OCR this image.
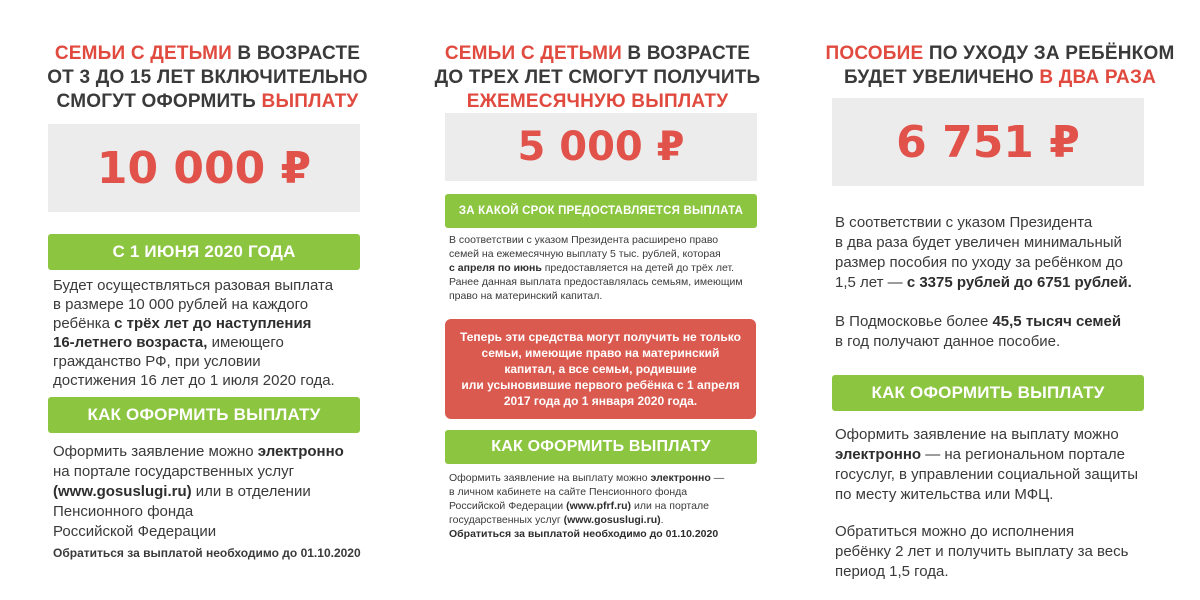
СЕМЬИ С ДЕТЬМИ В ВОЗРАСТЕ
ОТ 3 ДО 15 ЛЕТ ВКЛЮЧИТЕЛЬНО
СМОГУТ ОФОРМИТЬ ВЫПЛАТУ
10 000 ₽
С 1 ИЮНЯ 2020 ГОДА
Будет осуществляться разовая выплата
в размере 10 000 рублей на каждого
ребёнка с трёх лет до наступления
16-летнего возраста, имеющего
гражданство РФ, при условии
достижения 16 лет до 1 июля 2020 года.
КАК ОФОРМИТЬ ВЫПЛАТУ
Оформить заявление можно электронно
на портале государственных услуг
(www.gosuslugi.ru) или в отделении
Пенсионного фонда
Российской Федерации
Обратиться за выплатой необходимо до 01.10.2020
СЕМЬИ С ДЕТЬМИ В ВОЗРАСТЕ
ДО ТРЕХ ЛЕТ СМОГУТ ПОЛУЧИТЬ
ЕЖЕМЕСЯЧНУЮ ВЫПЛАТУ
5 000 ₽
ЗА КАКОЙ СРОК ПРЕДОСТАВЛЯЕТСЯ ВЫПЛАТА
В соответствии с указом Президента расширено право
семей на ежемесячную выплату 5 тыс. рублей, которая
с апреля по июнь предоставляется на детей до трёх лет.
Ранее данная выплата предоставлялась семьям, имеющим
право на материнский капитал.
Теперь эти средства могут получить не только
семьи, имеющие право на материнский
капитал, а все семьи, родившие
или усыновившие первого ребёнка с 1 апреля
2017 года до 1 января 2020 года.
КАК ОФОРМИТЬ ВЫПЛАТУ
Оформить заявление на выплату можно электронно —
в личном кабинете на сайте Пенсионного фонда
Российской Федерации (www.pfrf.ru) или на портале
государственных услуг (www.gosuslugi.ru).
Обратиться за выплатой необходимо до 01.10.2020
ПОСОБИЕ ПО УХОДУ ЗА РЕБЁНКОМ
БУДЕТ УВЕЛИЧЕНО В ДВА РАЗА
6 751 ₽
В соответствии с указом Президента
в два раза будет увеличен минимальный
размер пособия по уходу за ребёнком до
1,5 лет — с 3375 рублей до 6751 рублей.
В Подмосковье более 45,5 тысяч семей
в год получают данное пособие.
КАК ОФОРМИТЬ ВЫПЛАТУ
Оформить заявление на выплату можно
электронно — на региональном портале
госуслуг, в управлении социальной защиты
по месту жительства или МФЦ.
Обратиться можно до исполнения
ребёнку 2 лет и получить выплату за весь
период 1,5 года.
